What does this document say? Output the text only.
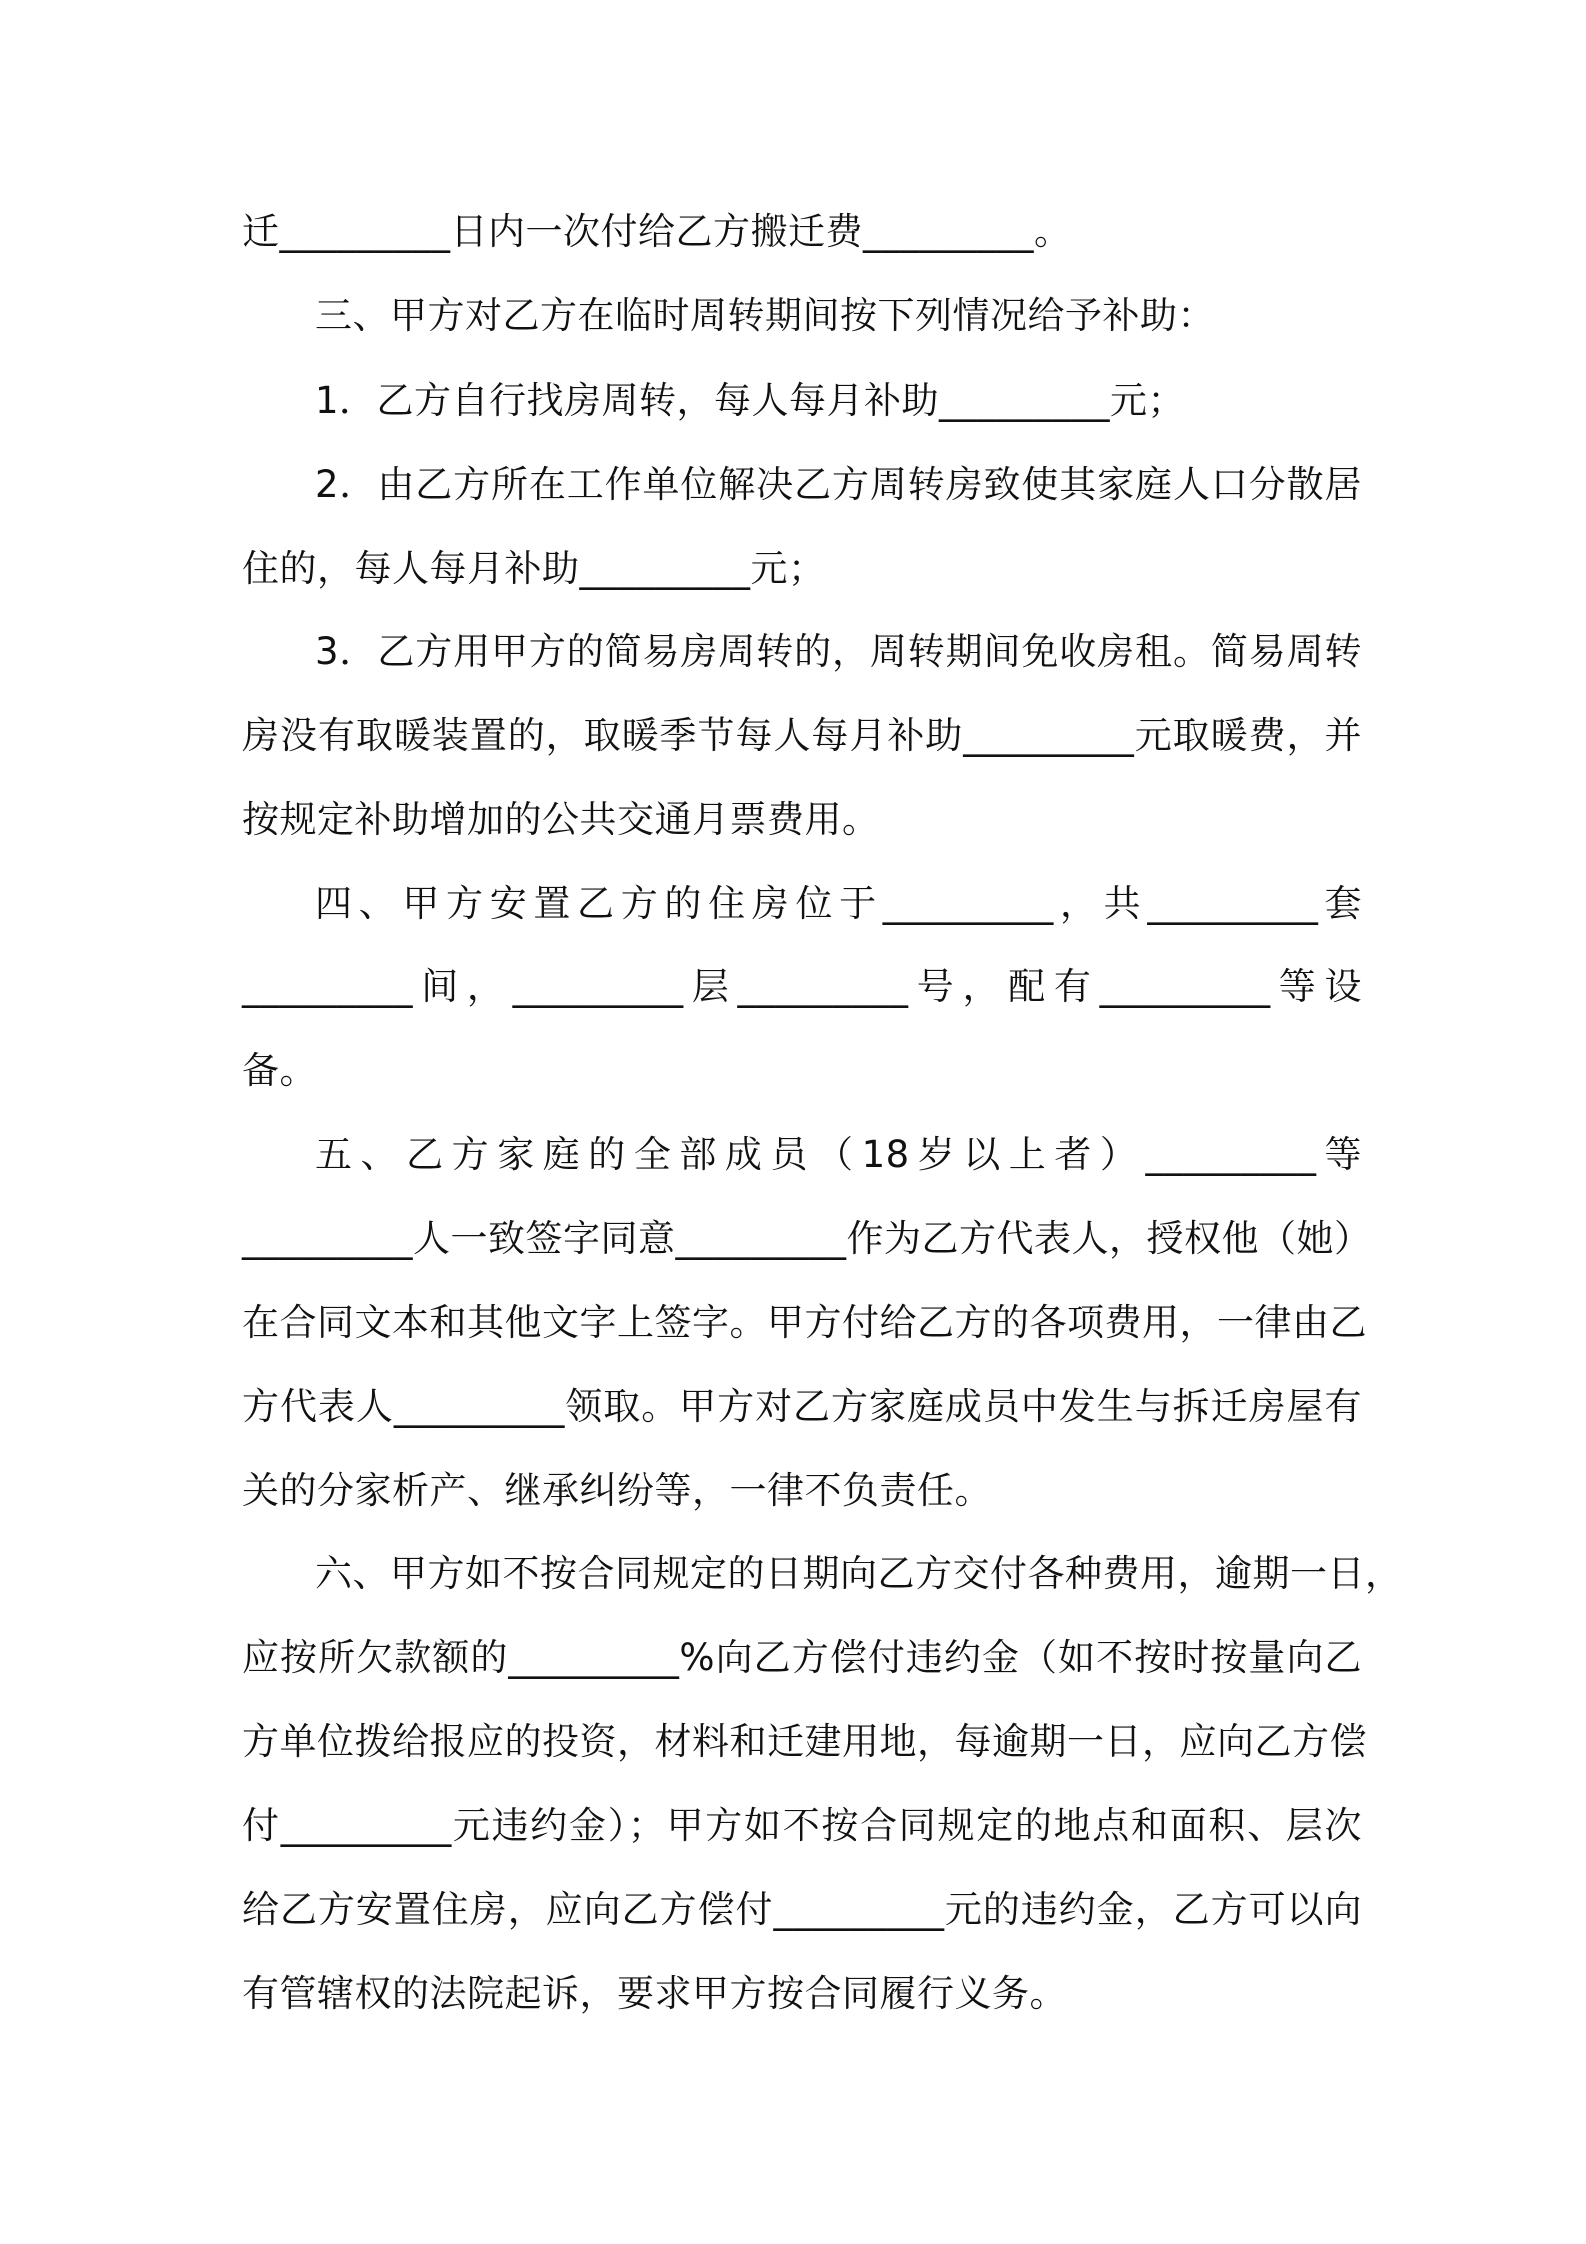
迁_________日内一次付给乙方搬迁费_________。
三、甲方对乙方在临时周转期间按下列情况给予补助：
1．乙方自行找房周转，每人每月补助_________元；
2．由乙方所在工作单位解决乙方周转房致使其家庭人口分散居
住的，每人每月补助_________元；
3．乙方用甲方的简易房周转的，周转期间免收房租。简易周转
房没有取暖装置的，取暖季节每人每月补助_________元取暖费，并
按规定补助增加的公共交通月票费用。
四、甲方安置乙方的住房位于_________，共_________套
_________间，_________层_________号，配有_________等设
备。
五、乙方家庭的全部成员（18岁以上者）_________等
_________人一致签字同意_________作为乙方代表人，授权他（她）
在合同文本和其他文字上签字。甲方付给乙方的各项费用，一律由乙
方代表人_________领取。甲方对乙方家庭成员中发生与拆迁房屋有
关的分家析产、继承纠纷等，一律不负责任。
六、甲方如不按合同规定的日期向乙方交付各种费用，逾期一日，
应按所欠款额的_________%向乙方偿付违约金（如不按时按量向乙
方单位拨给报应的投资，材料和迁建用地，每逾期一日，应向乙方偿
付_________元违约金）；甲方如不按合同规定的地点和面积、层次
给乙方安置住房，应向乙方偿付_________元的违约金，乙方可以向
有管辖权的法院起诉，要求甲方按合同履行义务。
